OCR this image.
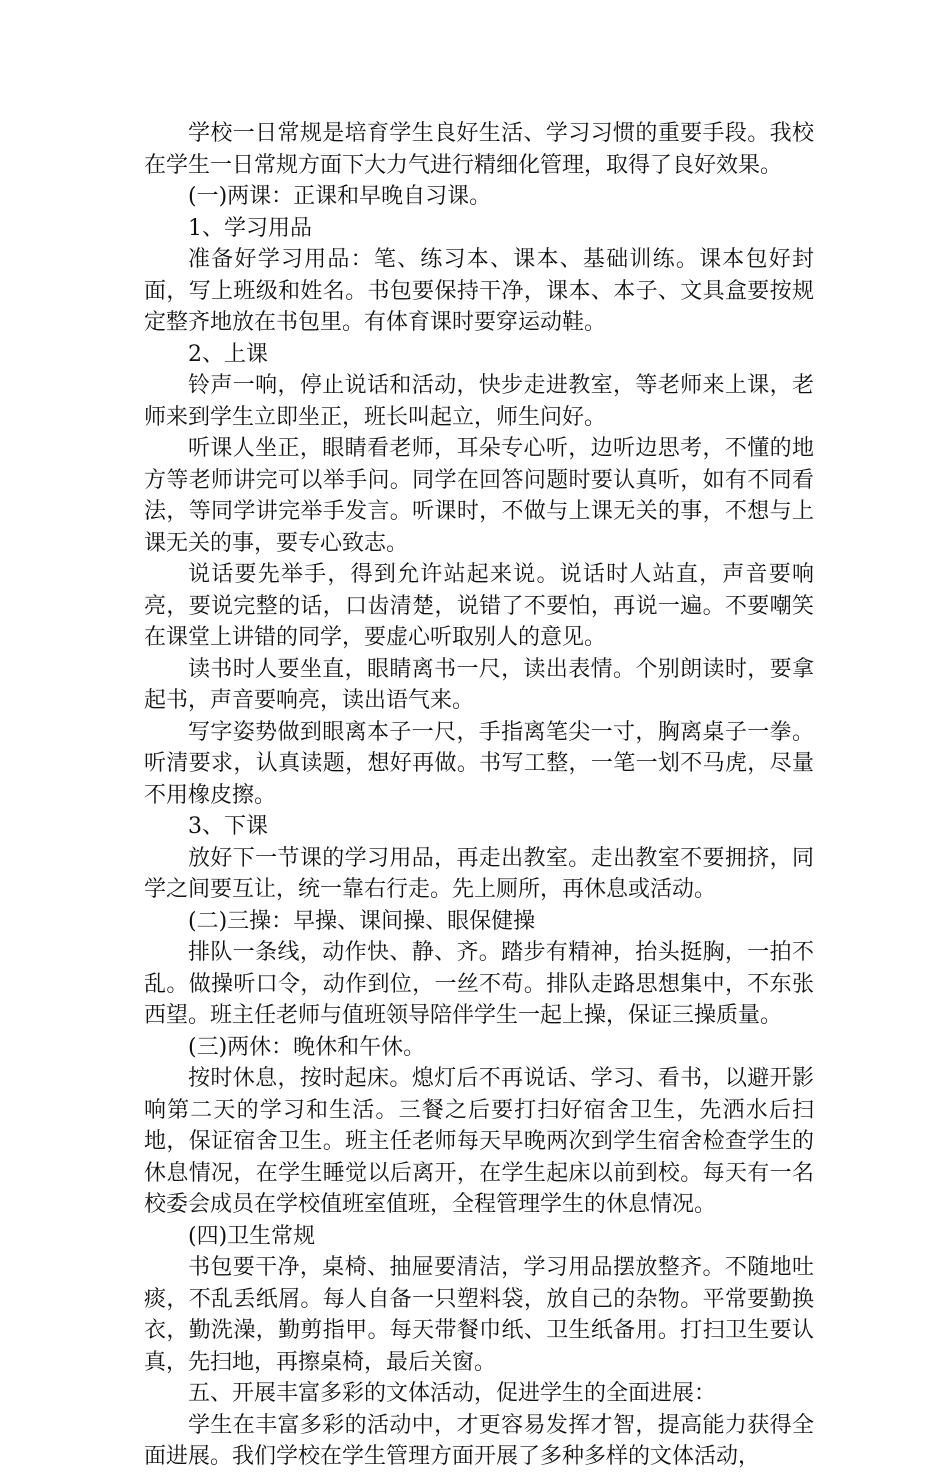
学校一日常规是培育学生良好生活、学习习惯的重要手段。我校在学生一日常规方面下大力气进行精细化管理，取得了良好效果。

(一)两课：正课和早晚自习课。

1、学习用品

准备好学习用品：笔、练习本、课本、基础训练。课本包好封面，写上班级和姓名。书包要保持干净，课本、本子、文具盒要按规定整齐地放在书包里。有体育课时要穿运动鞋。

2、上课

铃声一响，停止说话和活动，快步走进教室，等老师来上课，老师来到学生立即坐正，班长叫起立，师生问好。

听课人坐正，眼睛看老师，耳朵专心听，边听边思考，不懂的地方等老师讲完可以举手问。同学在回答问题时要认真听，如有不同看法，等同学讲完举手发言。听课时，不做与上课无关的事，不想与上课无关的事，要专心致志。

说话要先举手，得到允许站起来说。说话时人站直，声音要响亮，要说完整的话，口齿清楚，说错了不要怕，再说一遍。不要嘲笑在课堂上讲错的同学，要虚心听取别人的意见。

读书时人要坐直，眼睛离书一尺，读出表情。个别朗读时，要拿起书，声音要响亮，读出语气来。

写字姿势做到眼离本子一尺，手指离笔尖一寸，胸离桌子一拳。听清要求，认真读题，想好再做。书写工整，一笔一划不马虎，尽量不用橡皮擦。

3、下课

放好下一节课的学习用品，再走出教室。走出教室不要拥挤，同学之间要互让，统一靠右行走。先上厕所，再休息或活动。

(二)三操：早操、课间操、眼保健操

排队一条线，动作快、静、齐。踏步有精神，抬头挺胸，一拍不乱。做操听口令，动作到位，一丝不苟。排队走路思想集中，不东张西望。班主任老师与值班领导陪伴学生一起上操，保证三操质量。

(三)两休：晚休和午休。

按时休息，按时起床。熄灯后不再说话、学习、看书，以避开影响第二天的学习和生活。三餐之后要打扫好宿舍卫生，先洒水后扫地，保证宿舍卫生。班主任老师每天早晚两次到学生宿舍检查学生的休息情况，在学生睡觉以后离开，在学生起床以前到校。每天有一名校委会成员在学校值班室值班，全程管理学生的休息情况。

(四)卫生常规

书包要干净，桌椅、抽屉要清洁，学习用品摆放整齐。不随地吐痰，不乱丢纸屑。每人自备一只塑料袋，放自己的杂物。平常要勤换衣，勤洗澡，勤剪指甲。每天带餐巾纸、卫生纸备用。打扫卫生要认真，先扫地，再擦桌椅，最后关窗。

五、开展丰富多彩的文体活动，促进学生的全面进展：

学生在丰富多彩的活动中，才更容易发挥才智，提高能力获得全面进展。我们学校在学生管理方面开展了多种多样的文体活动，
